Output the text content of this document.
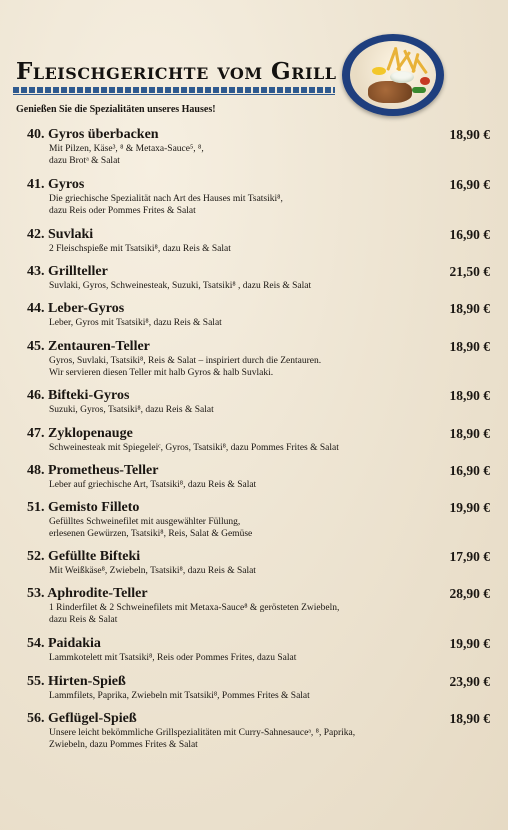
Fleischgerichte vom Grill
Genießen Sie die Spezialitäten unseres Hauses!
40. Gyros überbacken	18,90 €
Mit Pilzen, Käse³, ⁸ & Metaxa-Sauce⁵, ⁸,
dazu Brotᵃ & Salat
41. Gyros	16,90 €
Die griechische Spezialität nach Art des Hauses mit Tsatsiki⁸,
dazu Reis oder Pommes Frites & Salat
42. Suvlaki	16,90 €
2 Fleischspieße mit Tsatsiki⁸, dazu Reis & Salat
43. Grillteller	21,50 €
Suvlaki, Gyros, Schweinesteak, Suzuki, Tsatsiki⁸ , dazu Reis & Salat
44. Leber-Gyros	18,90 €
Leber, Gyros mit Tsatsiki⁸, dazu Reis & Salat
45. Zentauren-Teller	18,90 €
Gyros, Suvlaki, Tsatsiki⁸, Reis & Salat – inspiriert durch die Zentauren.
Wir servieren diesen Teller mit halb Gyros & halb Suvlaki.
46. Bifteki-Gyros	18,90 €
Suzuki, Gyros, Tsatsiki⁸, dazu Reis & Salat
47. Zyklopenauge	18,90 €
Schweinesteak mit Spiegeleiᶜ, Gyros, Tsatsiki⁸, dazu Pommes Frites & Salat
48. Prometheus-Teller	16,90 €
Leber auf griechische Art, Tsatsiki⁸, dazu Reis & Salat
51. Gemisto Filleto	19,90 €
Gefülltes Schweinefilet mit ausgewählter Füllung,
erlesenen Gewürzen, Tsatsiki⁸, Reis, Salat & Gemüse
52. Gefüllte Bifteki	17,90 €
Mit Weißkäse⁸, Zwiebeln, Tsatsiki⁸, dazu Reis & Salat
53. Aphrodite-Teller	28,90 €
1 Rinderfilet & 2 Schweinefilets mit Metaxa-Sauce⁸ & gerösteten Zwiebeln,
dazu Reis & Salat
54. Paidakia	19,90 €
Lammkotelett mit Tsatsiki⁸, Reis oder Pommes Frites, dazu Salat
55. Hirten-Spieß	23,90 €
Lammfilets, Paprika, Zwiebeln mit Tsatsiki⁸, Pommes Frites & Salat
56. Geflügel-Spieß	18,90 €
Unsere leicht bekömmliche Grillspezialitäten mit Curry-Sahnesauceᵃ, ⁸, Paprika,
Zwiebeln, dazu Pommes Frites & Salat
